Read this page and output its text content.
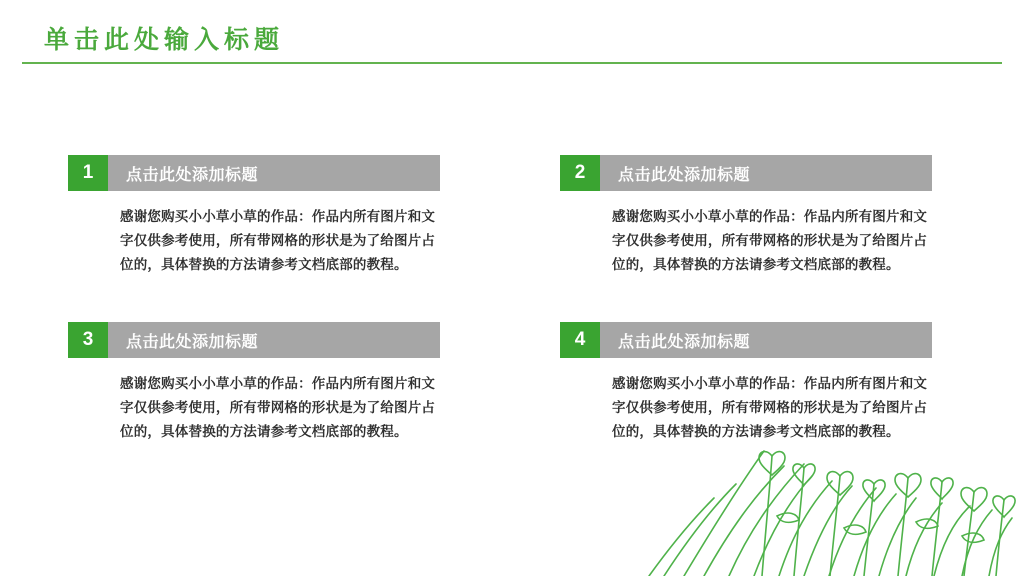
单击此处输入标题
1	点击此处添加标题
感谢您购买小小草小草的作品：作品内所有图片和文字仅供参考使用，所有带网格的形状是为了给图片占位的，具体替换的方法请参考文档底部的教程。
2	点击此处添加标题
感谢您购买小小草小草的作品：作品内所有图片和文字仅供参考使用，所有带网格的形状是为了给图片占位的，具体替换的方法请参考文档底部的教程。
3	点击此处添加标题
感谢您购买小小草小草的作品：作品内所有图片和文字仅供参考使用，所有带网格的形状是为了给图片占位的，具体替换的方法请参考文档底部的教程。
4	点击此处添加标题
感谢您购买小小草小草的作品：作品内所有图片和文字仅供参考使用，所有带网格的形状是为了给图片占位的，具体替换的方法请参考文档底部的教程。
